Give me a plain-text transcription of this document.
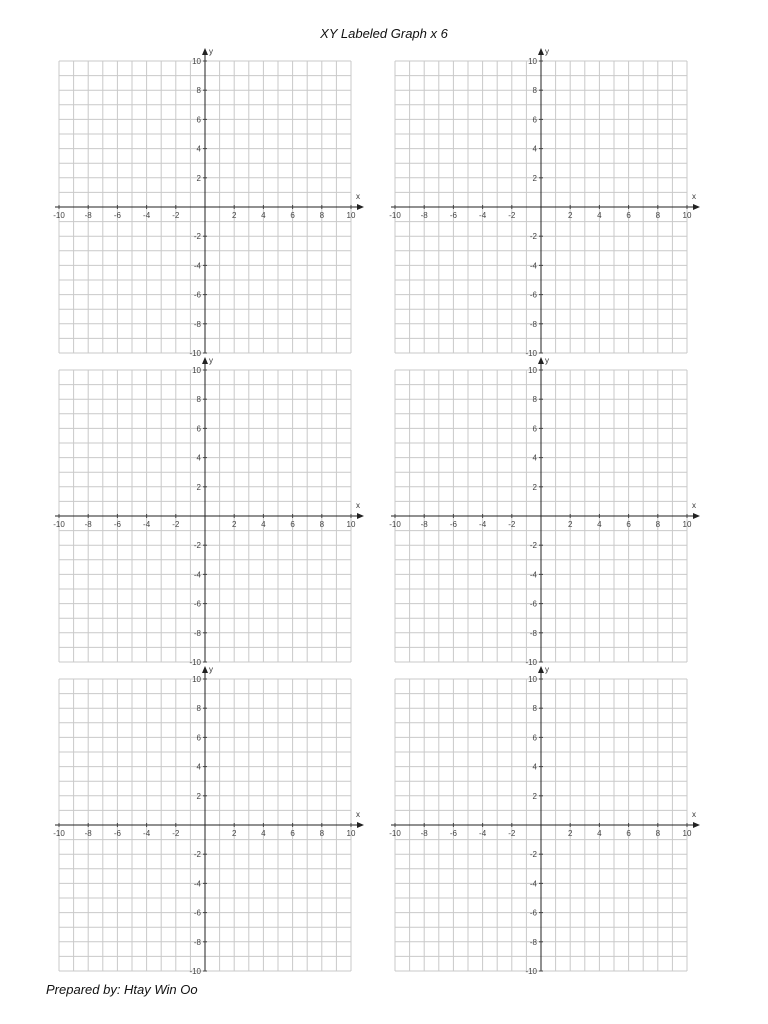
XY Labeled Graph x 6
x
y
-10 -8	-6	-4	-2	2	4	6	8	10
-10
-8
-6
-4
-2
2
4
6
8
10
x
y
-10 -8	-6	-4	-2	2	4	6	8	10
-10
-8
-6
-4
-2
2
4
6
8
10
x
y
-10 -8	-6	-4	-2	2	4	6	8	10
-10
-8
-6
-4
-2
2
4
6
8
10
x
y
-10 -8	-6	-4	-2	2	4	6	8	10
-10
-8
-6
-4
-2
2
4
6
8
10
x
y
-10 -8	-6	-4	-2	2	4	6	8	10
-10
-8
-6
-4
-2
2
4
6
8
10
x
y
-10 -8	-6	-4	-2	2	4	6	8	10
-10
-8
-6
-4
-2
2
4
6
8
10
Prepared by: Htay Win Oo
